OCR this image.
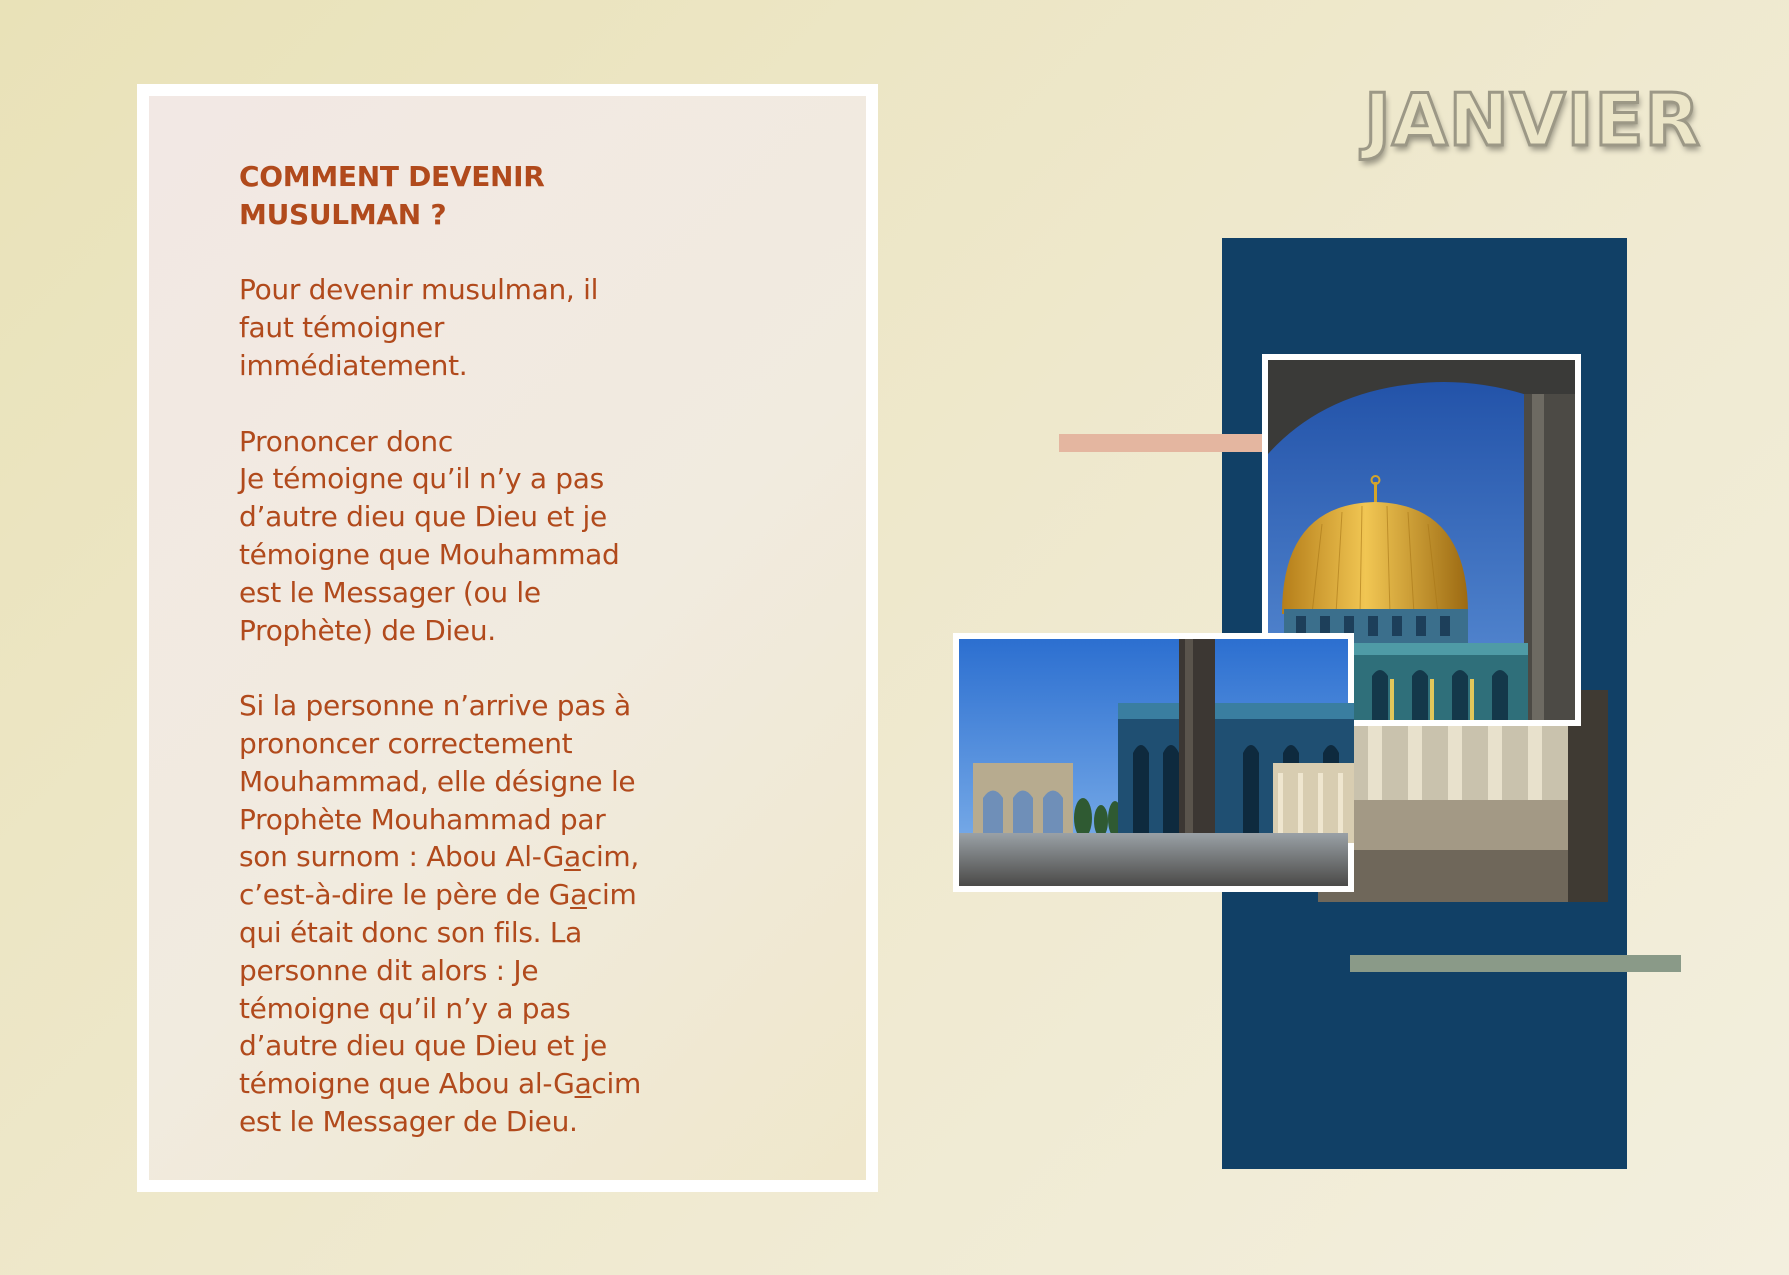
COMMENT DEVENIR
MUSULMAN ?

Pour devenir musulman, il
faut témoigner
immédiatement.

Prononcer donc
Je témoigne qu’il n’y a pas
d’autre dieu que Dieu et je
témoigne que Mouhammad
est le Messager (ou le
Prophète) de Dieu.

Si la personne n’arrive pas à
prononcer correctement
Mouhammad, elle désigne le
Prophète Mouhammad par
son surnom : Abou Al-Gacim,
c’est-à-dire le père de Gacim
qui était donc son fils. La
personne dit alors : Je
témoigne qu’il n’y a pas
d’autre dieu que Dieu et je
témoigne que Abou al-Gacim
est le Messager de Dieu.

JANVIER
